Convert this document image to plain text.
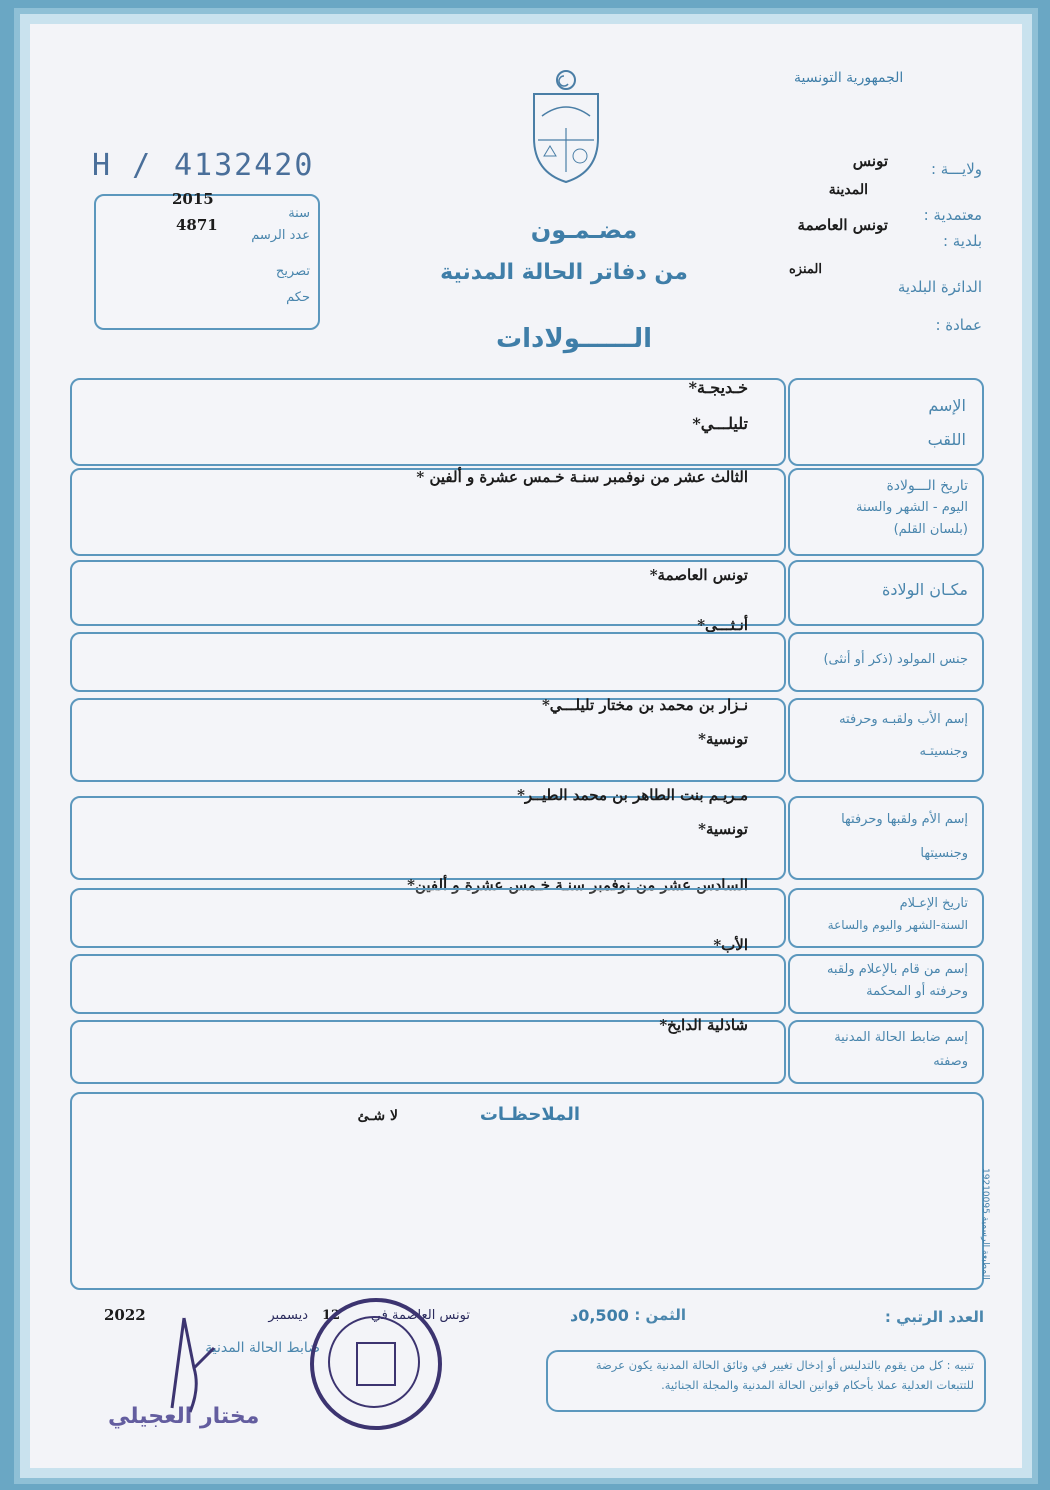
الجمهورية التونسية
H / 4132420
2015
4871
سنة
عدد الرسم
تصريح
حكم
ولايـــة :
تونس
المدينة
معتمدية :
تونس العاصمة
بلدية :
المنزه
الدائرة البلدية
عمادة :
مضـمـون
من دفاتر الحالة المدنية
الــــــولادات
الإسم
اللقب
خـديجـة*
تليلـــي*
تاريخ الـــولادة
اليوم - الشهر والسنة
(بلسان القلم)
الثالث عشر من نوفمبر سنـة خـمس عشرة و ألفين *
مكـان الولادة
تونس العاصمة*
أنـثـــى*
جنس المولود (ذكر أو أنثى)
إسم الأب ولقبـه وحرفته
وجنسيتـه
نـزار بن محمد بن مختار تليلـــي*
تونسية*
إسم الأم ولقبها وحرفتها
وجنسيتها
مـريـم بنت الطاهر بن محمد الطيــر*
تونسية*
السادس عشر من نوفمبر سنـة خـمس عشرة و ألفين*
تاريخ الإعـلام
السنة-الشهر واليوم والساعة
الأب*
إسم من قام بالإعلام ولقبه
وحرفته أو المحكمة
إسم ضابط الحالة المدنية
وصفته
شاذلية الدايخ*
الملاحظـات
لا شـئ
المطبعة الرسمية 19210095
العدد الرتبي :
الثمن :
0,500د
12
ديسمبر	تونس العاصمة في
2022
ضابط الحالة المدنية
مختار العجيلي
تنبيه : كل من يقوم بالتدليس أو إدخال تغيير في وثائق الحالة المدنية يكون عرضة للتتبعات العدلية عملا بأحكام قوانين الحالة المدنية والمجلة الجنائية.
